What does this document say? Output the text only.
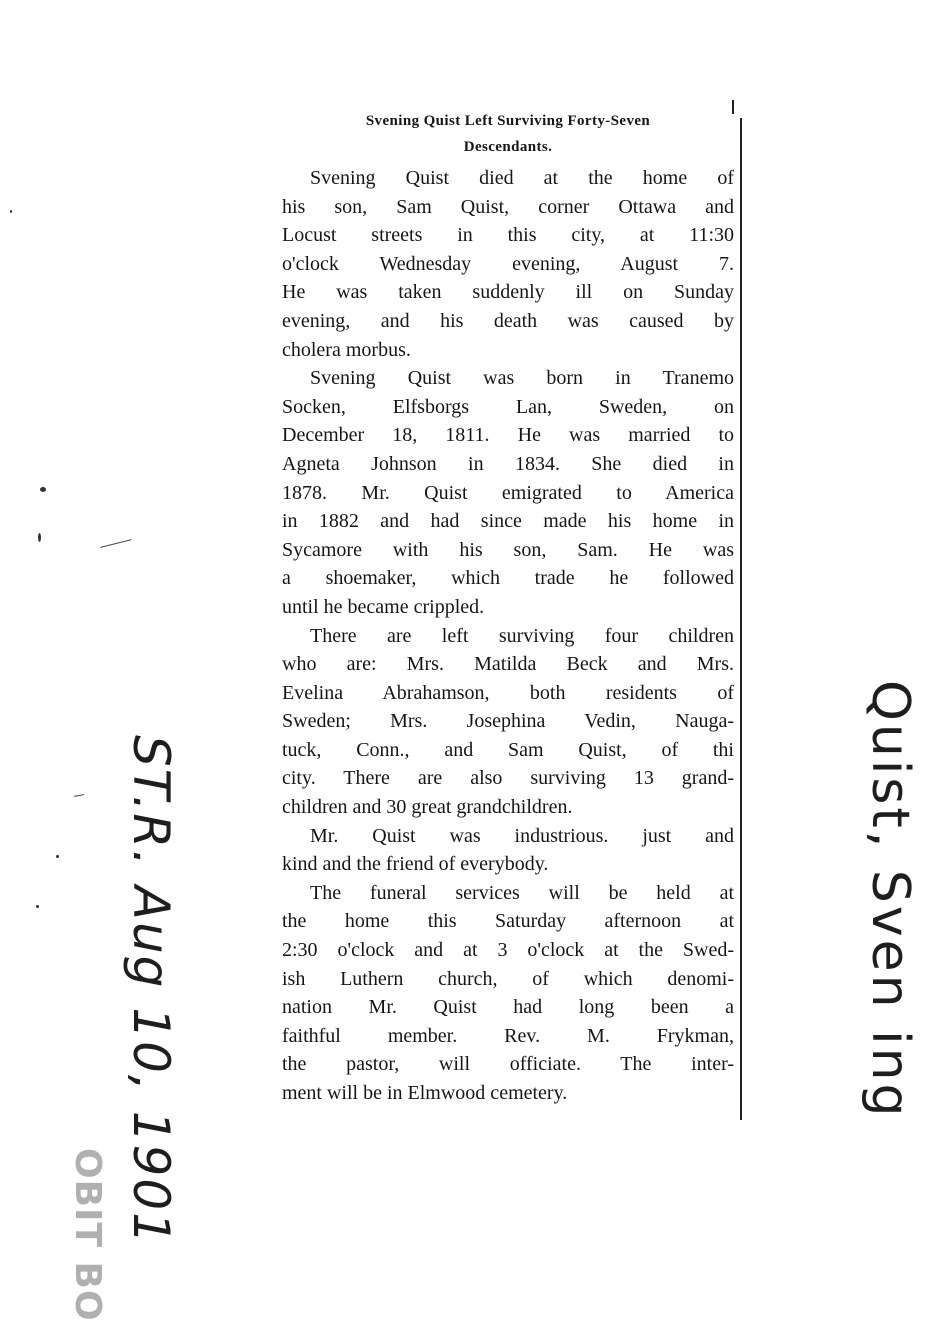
Svening Quist Left Surviving Forty-Seven
Descendants.
Svening Quist died at the home of
his son, Sam Quist, corner Ottawa and
Locust streets in this city, at 11:30
o'clock Wednesday evening, August 7.
He was taken suddenly ill on Sunday
evening, and his death was caused by
cholera morbus.
Svening Quist was born in Tranemo
Socken, Elfsborgs Lan, Sweden, on
December 18, 1811. He was married to
Agneta Johnson in 1834. She died in
1878. Mr. Quist emigrated to America
in 1882 and had since made his home in
Sycamore with his son, Sam. He was
a shoemaker, which trade he followed
until he became crippled.
There are left surviving four children
who are: Mrs. Matilda Beck and Mrs.
Evelina Abrahamson, both residents of
Sweden; Mrs. Josephina Vedin, Nauga-
tuck, Conn., and Sam Quist, of thi
city. There are also surviving 13 grand-
children and 30 great grandchildren.
Mr. Quist was industrious. just and
kind and the friend of everybody.
The funeral services will be held at
the home this Saturday afternoon at
2:30 o'clock and at 3 o'clock at the Swed-
ish Luthern church, of which denomi-
nation Mr. Quist had long been a
faithful member. Rev. M. Frykman,
the pastor, will officiate. The inter-
ment will be in Elmwood cemetery.
ST.R. Aug 10, 1901	Quist, Sven ing
OBIT BO
